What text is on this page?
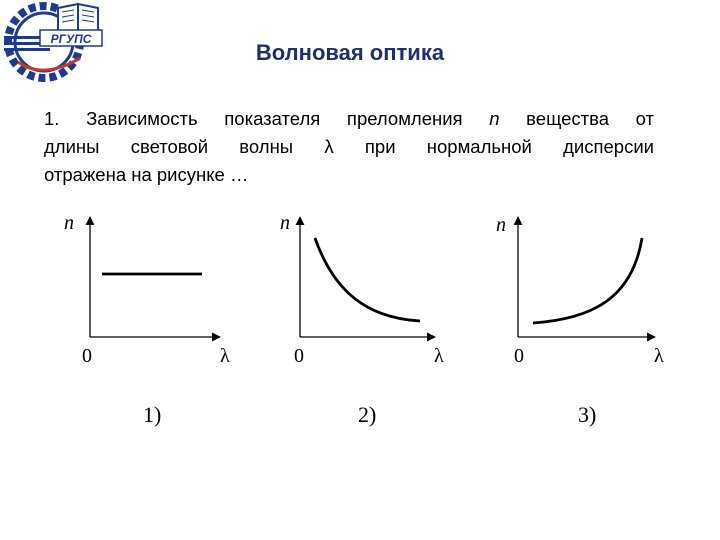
РГУПС
Волновая оптика
1. Зависимость показателя преломления n вещества от
длины световой волны λ при нормальной дисперсии
отражена на рисунке …
n
0	λ
n
0	λ
n
0	λ
1)	2)	3)
